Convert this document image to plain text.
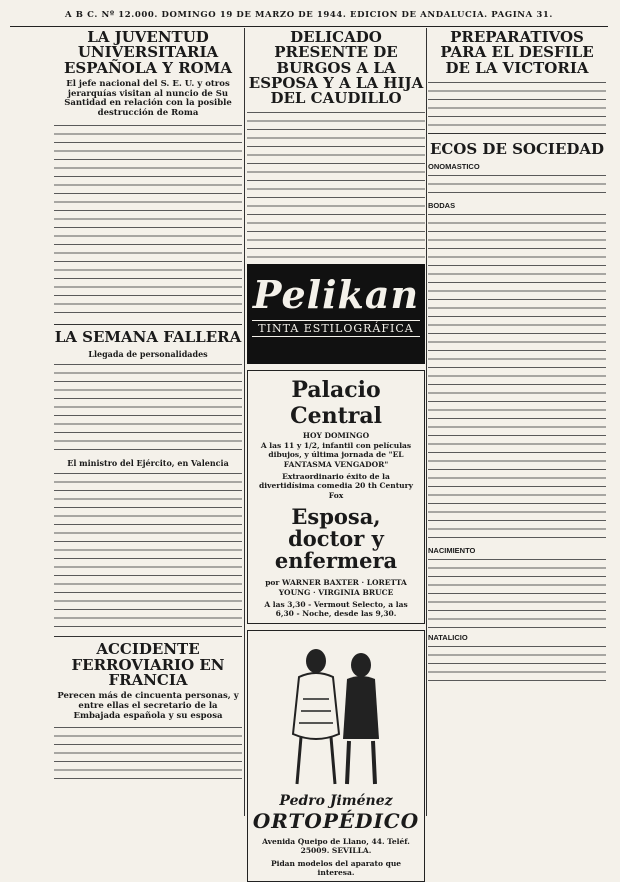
A B C. Nº 12.000. DOMINGO 19 DE MARZO DE 1944. EDICION DE ANDALUCIA. PAGINA 31.
LA JUVENTUD UNIVERSITARIA ESPAÑOLA Y ROMA
El jefe nacional del S. E. U. y otros jerarquías visitan al nuncio de Su Santidad en relación con la posible destrucción de Roma
LA SEMANA FALLERA
Llegada de personalidades
El ministro del Ejército, en Valencia
ACCIDENTE FERROVIARIO EN FRANCIA
Perecen más de cincuenta personas, y entre ellas el secretario de la Embajada española y su esposa
DELICADO PRESENTE DE BURGOS A LA ESPOSA Y A LA HIJA DEL CAUDILLO
Pelikan
TINTA ESTILOGRÁFICA
Palacio Central
HOY DOMINGO
A las 11 y 1/2, infantil con películas dibujos, y última jornada de "EL FANTASMA VENGADOR"
Extraordinario éxito de la divertidísima comedia 20 th Century Fox
Esposa, doctor y enfermera
por WARNER BAXTER · LORETTA YOUNG · VIRGINIA BRUCE
A las 3,30 - Vermout Selecto, a las 6,30 - Noche, desde las 9,30.
Pedro Jiménez
ORTOPÉDICO
Avenida Queipo de Llano, 44. Teléf. 25009. SEVILLA.
Pidan modelos del aparato que interesa.
PREPARATIVOS PARA EL DESFILE DE LA VICTORIA
ECOS DE SOCIEDAD
ONOMASTICO
BODAS
NACIMIENTO
NATALICIO
